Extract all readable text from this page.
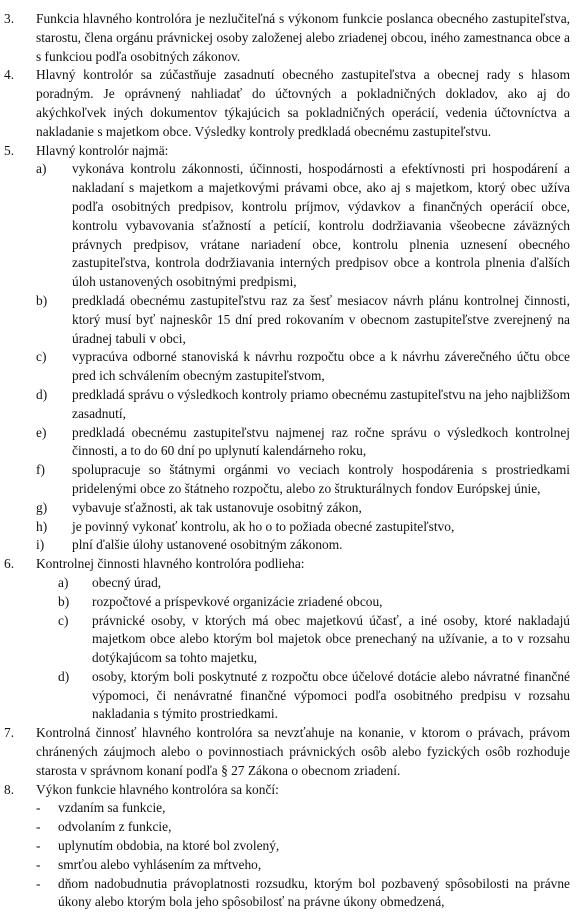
3. Funkcia hlavného kontrolóra je nezlučiteľná s výkonom funkcie poslanca obecného zastupiteľstva, starostu, člena orgánu právnickej osoby založenej alebo zriadenej obcou, iného zamestnanca obce a s funkciou podľa osobitných zákonov.
4. Hlavný kontrolór sa zúčastňuje zasadnutí obecného zastupiteľstva a obecnej rady s hlasom poradným. Je oprávnený nahliadať do účtovných a pokladničných dokladov, ako aj do akýchkoľvek iných dokumentov týkajúcich sa pokladničných operácií, vedenia účtovníctva a nakladanie s majetkom obce. Výsledky kontroly predkladá obecnému zastupiteľstvu.
5. Hlavný kontrolór najmä:
a) vykonáva kontrolu zákonnosti, účinnosti, hospodárnosti a efektívnosti pri hospodárení a nakladaní s majetkom a majetkovými právami obce, ako aj s majetkom, ktorý obec užíva podľa osobitných predpisov, kontrolu príjmov, výdavkov a finančných operácií obce, kontrolu vybavovania sťažností a petícií, kontrolu dodržiavania všeobecne záväzných právnych predpisov, vrátane nariadení obce, kontrolu plnenia uznesení obecného zastupiteľstva, kontrola dodržiavania interných predpisov obce a kontrola plnenia ďalších úloh ustanovených osobitnými predpismi,
b) predkladá obecnému zastupiteľstvu raz za šesť mesiacov návrh plánu kontrolnej činnosti, ktorý musí byť najneskôr 15 dní pred rokovaním v obecnom zastupiteľstve zverejnený na úradnej tabuli v obci,
c) vypracúva odborné stanoviská k návrhu rozpočtu obce a k návrhu záverečného účtu obce pred ich schválením obecným zastupiteľstvom,
d) predkladá správu o výsledkoch kontroly priamo obecnému zastupiteľstvu na jeho najbližšom zasadnutí,
e) predkladá obecnému zastupiteľstvu najmenej raz ročne správu o výsledkoch kontrolnej činnosti, a to do 60 dní po uplynutí kalendárneho roku,
f) spolupracuje so štátnymi orgánmi vo veciach kontroly hospodárenia s prostriedkami pridelenými obce zo štátneho rozpočtu, alebo zo štrukturálnych fondov Európskej únie,
g) vybavuje sťažnosti, ak tak ustanovuje osobitný zákon,
h) je povinný vykonať kontrolu, ak ho o to požiada obecné zastupiteľstvo,
i) plní ďalšie úlohy ustanovené osobitným zákonom.
6. Kontrolnej činnosti hlavného kontrolóra podlieha:
a) obecný úrad,
b) rozpočtové a príspevkové organizácie zriadené obcou,
c) právnické osoby, v ktorých má obec majetkovú účasť, a iné osoby, ktoré nakladajú majetkom obce alebo ktorým bol majetok obce prenechaný na užívanie, a to v rozsahu dotýkajúcom sa tohto majetku,
d) osoby, ktorým boli poskytnuté z rozpočtu obce účelové dotácie alebo návratné finančné výpomoci, či nenávratné finančné výpomoci podľa osobitného predpisu v rozsahu nakladania s týmito prostriedkami.
7. Kontrolná činnosť hlavného kontrolóra sa nevzťahuje na konanie, v ktorom o právach, právom chránených záujmoch alebo o povinnostiach právnických osôb alebo fyzických osôb rozhoduje starosta v správnom konaní podľa § 27 Zákona o obecnom zriadení.
8. Výkon funkcie hlavného kontrolóra sa končí:
- vzdaním sa funkcie,
- odvolaním z funkcie,
- uplynutím obdobia, na ktoré bol zvolený,
- smrťou alebo vyhlásením za mŕtveho,
- dňom nadobudnutia právoplatnosti rozsudku, ktorým bol pozbavený spôsobilosti na právne úkony alebo ktorým bola jeho spôsobilosť na právne úkony obmedzená,
